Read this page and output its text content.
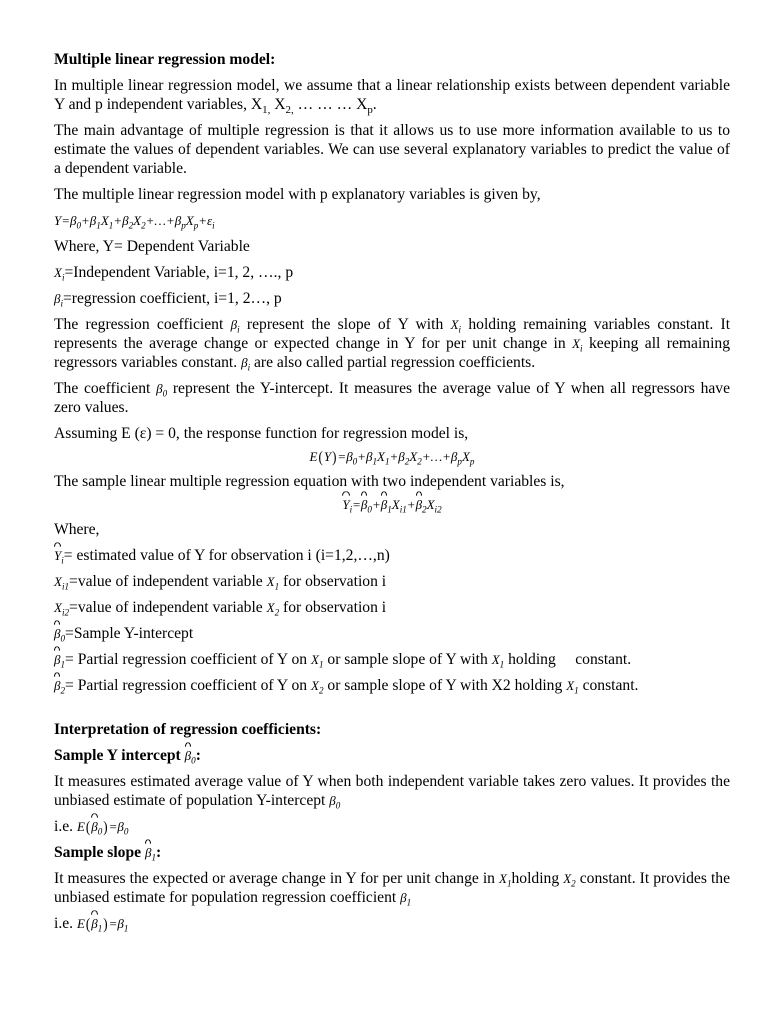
Multiple linear regression model:

In multiple linear regression model, we assume that a linear relationship exists between dependent variable Y and p independent variables, $X_{1,}$ $X_{2,}$ … … … $X_p$.

The main advantage of multiple regression is that it allows us to use more information available to us to estimate the values of dependent variables. We can use several explanatory variables to predict the value of a dependent variable.

The multiple linear regression model with p explanatory variables is given by,

$Y=\beta_0+\beta_1X_1+\beta_2X_2+\dots+\beta_pX_p+\varepsilon_i$

Where, Y= Dependent Variable

$X_i=Independent$ Variable, i=1, 2, …., p

$\beta_i=regression$ coefficient, i=1, 2…, p

The regression coefficient $\beta_i$ represent the slope of Y with $X_i$ holding remaining variables constant. It represents the average change or expected change in Y for per unit change in $X_i$ keeping all remaining regressors variables constant. $\beta_i$ are also called partial regression coefficients.

The coefficient $\beta_0$ represent the Y-intercept. It measures the average value of Y when all regressors have zero values.

Assuming E (ε) = 0, the response function for regression model is,

$E(Y)=\beta_0+\beta_1X_1+\beta_2X_2+\dots+\beta_pX_p$

The sample linear multiple regression equation with two independent variables is,

$Y_i=\beta_0+\beta_1X_{i1}+\beta_2X_{i2}$

Where,

$Y_i=$ estimated value of Y for observation i (i=1,2,…,n)

$X_{i1}=value$ of independent variable $X_1$ for observation i

$X_{i2}=value$ of independent variable $X_2$ for observation i

$\beta_0=Sample$ Y-intercept

$\beta_1=$ Partial regression coefficient of Y on $X_1$ or sample slope of Y with $X_1$ holding     constant.

$\beta_2=$ Partial regression coefficient of Y on $X_2$ or sample slope of Y with X2 holding $X_1$ constant.

Interpretation of regression coefficients:
Sample Y intercept $\beta_0$:

It measures estimated average value of Y when both independent variable takes zero values. It provides the unbiased estimate of population Y-intercept $\beta_0$

i.e. $E(\beta_0)=\beta_0$

Sample slope $\beta_1$:

It measures the expected or average change in Y for per unit change in $X_1holding$ $X_2$ constant. It provides the unbiased estimate for population regression coefficient $\beta_1$

i.e. $E(\beta_1)=\beta_1$
